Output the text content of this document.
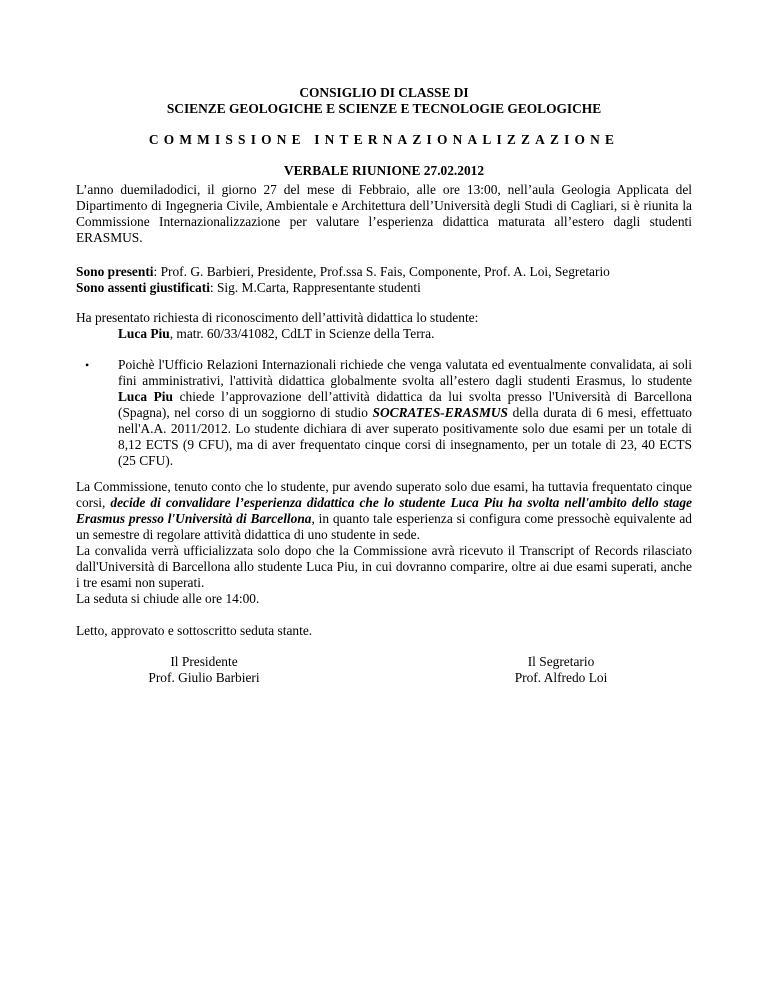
CONSIGLIO DI CLASSE DI
SCIENZE GEOLOGICHE E SCIENZE E TECNOLOGIE GEOLOGICHE
COMMISSIONE INTERNAZIONALIZZAZIONE
VERBALE RIUNIONE 27.02.2012
L’anno duemiladodici, il giorno 27 del mese di Febbraio, alle ore 13:00, nell’aula Geologia Applicata del Dipartimento di Ingegneria Civile, Ambientale e Architettura dell’Università degli Studi di Cagliari, si è riunita la Commissione Internazionalizzazione per valutare l’esperienza didattica maturata all’estero dagli studenti ERASMUS.
Sono presenti: Prof. G. Barbieri, Presidente, Prof.ssa S. Fais, Componente, Prof. A. Loi, Segretario
Sono assenti giustificati: Sig. M.Carta, Rappresentante studenti
Ha presentato richiesta di riconoscimento dell’attività didattica lo studente:
Luca Piu, matr. 60/33/41082, CdLT in Scienze della Terra.
• Poichè l'Ufficio Relazioni Internazionali richiede che venga valutata ed eventualmente convalidata, ai soli fini amministrativi, l'attività didattica globalmente svolta all’estero dagli studenti Erasmus, lo studente Luca Piu chiede l’approvazione dell’attività didattica da lui svolta presso l'Università di Barcellona (Spagna), nel corso di un soggiorno di studio SOCRATES-ERASMUS della durata di 6 mesi, effettuato nell'A.A. 2011/2012. Lo studente dichiara di aver superato positivamente solo due esami per un totale di 8,12 ECTS (9 CFU), ma di aver frequentato cinque corsi di insegnamento, per un totale di 23, 40 ECTS (25 CFU).
La Commissione, tenuto conto che lo studente, pur avendo superato solo due esami, ha tuttavia frequentato cinque corsi, decide di convalidare l’esperienza didattica che lo studente Luca Piu ha svolta nell'ambito dello stage Erasmus presso l'Università di Barcellona, in quanto tale esperienza si configura come pressochè equivalente ad un semestre di regolare attività didattica di uno studente in sede.
La convalida verrà ufficializzata solo dopo che la Commissione avrà ricevuto il Transcript of Records rilasciato dall'Università di Barcellona allo studente Luca Piu, in cui dovranno comparire, oltre ai due esami superati, anche i tre esami non superati.
La seduta si chiude alle ore 14:00.
Letto, approvato e sottoscritto seduta stante.
Il Presidente
Prof. Giulio Barbieri
Il Segretario
Prof. Alfredo Loi
